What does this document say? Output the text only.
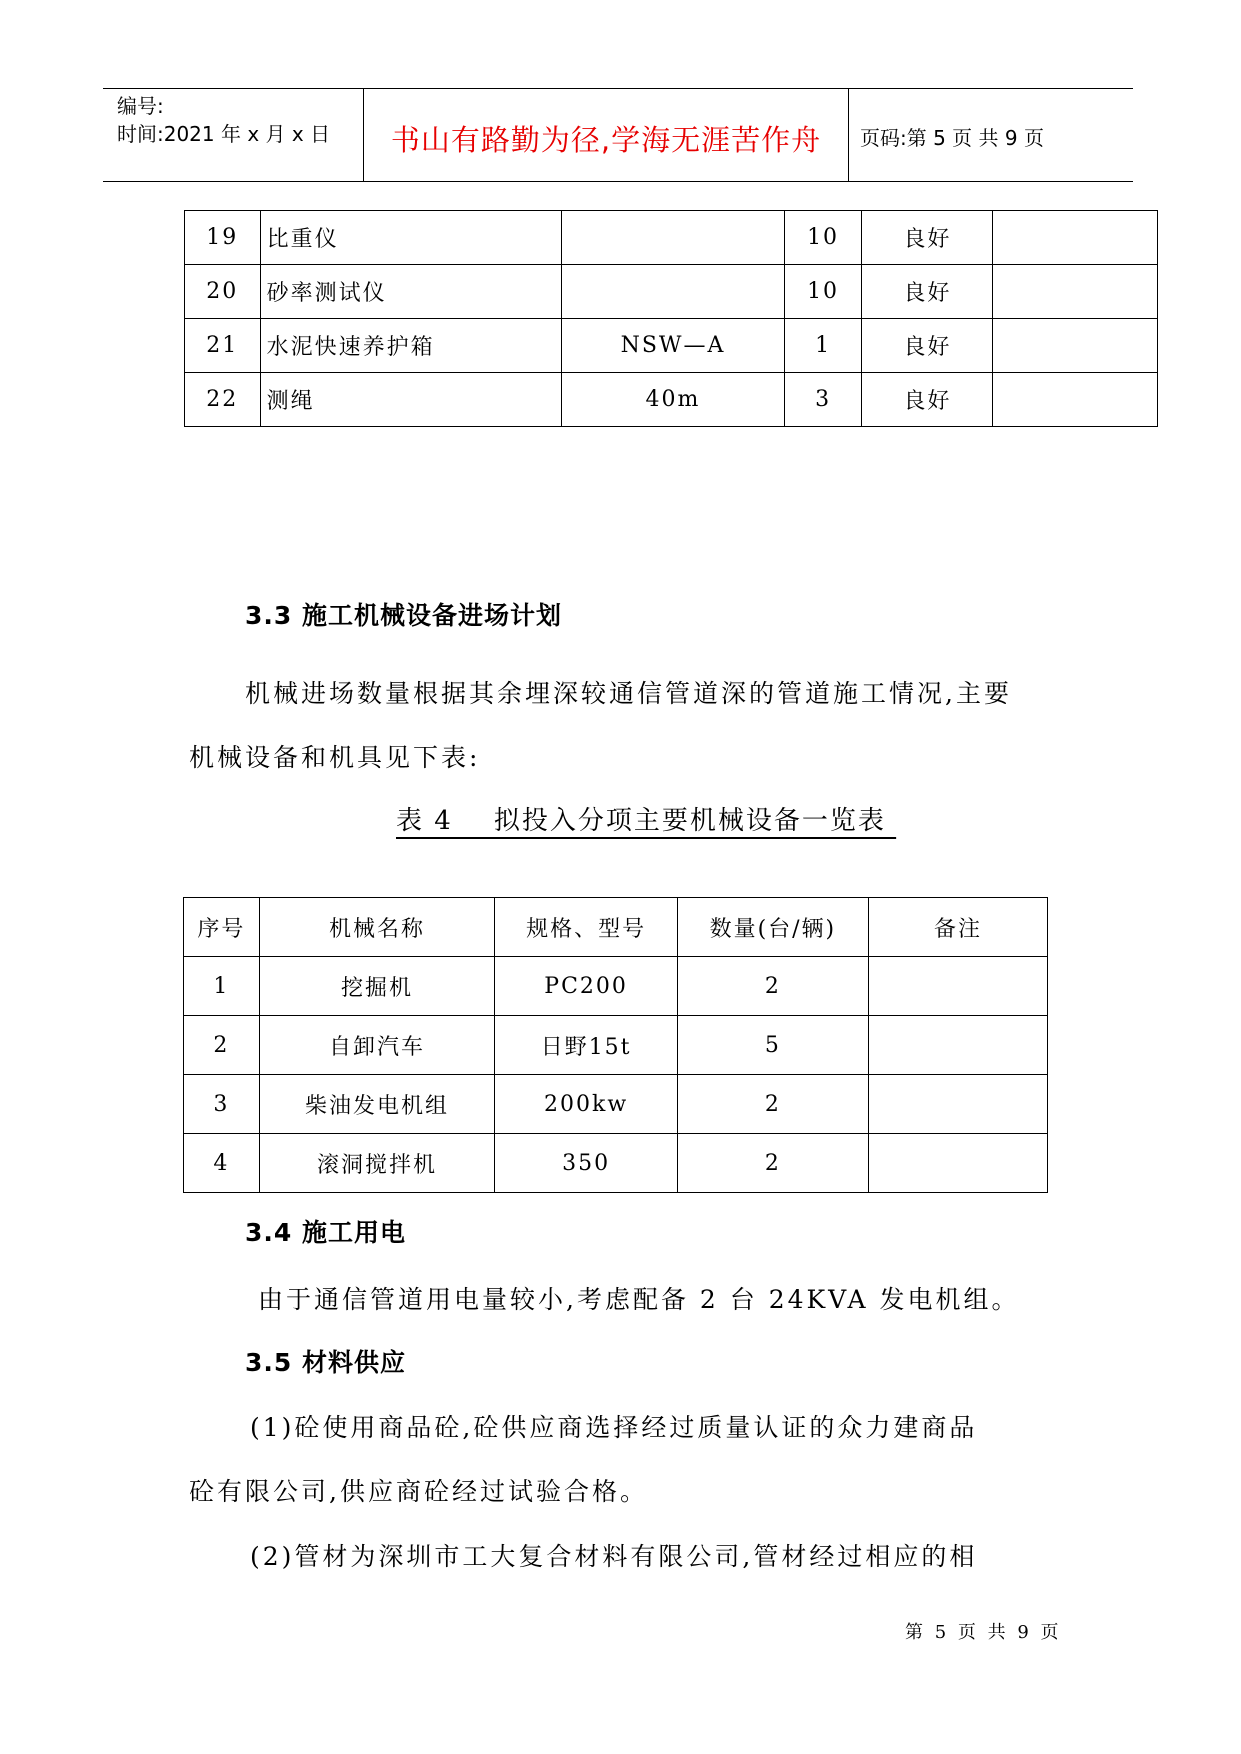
编号:
时间:2021 年 x 月 x 日	书山有路勤为径,学海无涯苦作舟	页码:第 5 页 共 9 页
19	比重仪		10	良好	
20	砂率测试仪		10	良好	
21	水泥快速养护箱	NSW—A	1	良好	
22	测绳	40m	3	良好	
3.3 施工机械设备进场计划
机械进场数量根据其余埋深较通信管道深的管道施工情况,主要
机械设备和机具见下表:
表 4    拟投入分项主要机械设备一览表
序号	机械名称	规格、型号	数量(台/辆)	备注
1	挖掘机	PC200	2	
2	自卸汽车	日野15t	5	
3	柴油发电机组	200kw	2	
4	滚洞搅拌机	350	2	
3.4 施工用电
由于通信管道用电量较小,考虑配备 2 台 24KVA 发电机组。
3.5 材料供应
(1)砼使用商品砼,砼供应商选择经过质量认证的众力建商品
砼有限公司,供应商砼经过试验合格。
(2)管材为深圳市工大复合材料有限公司,管材经过相应的相
第 5 页 共 9 页
